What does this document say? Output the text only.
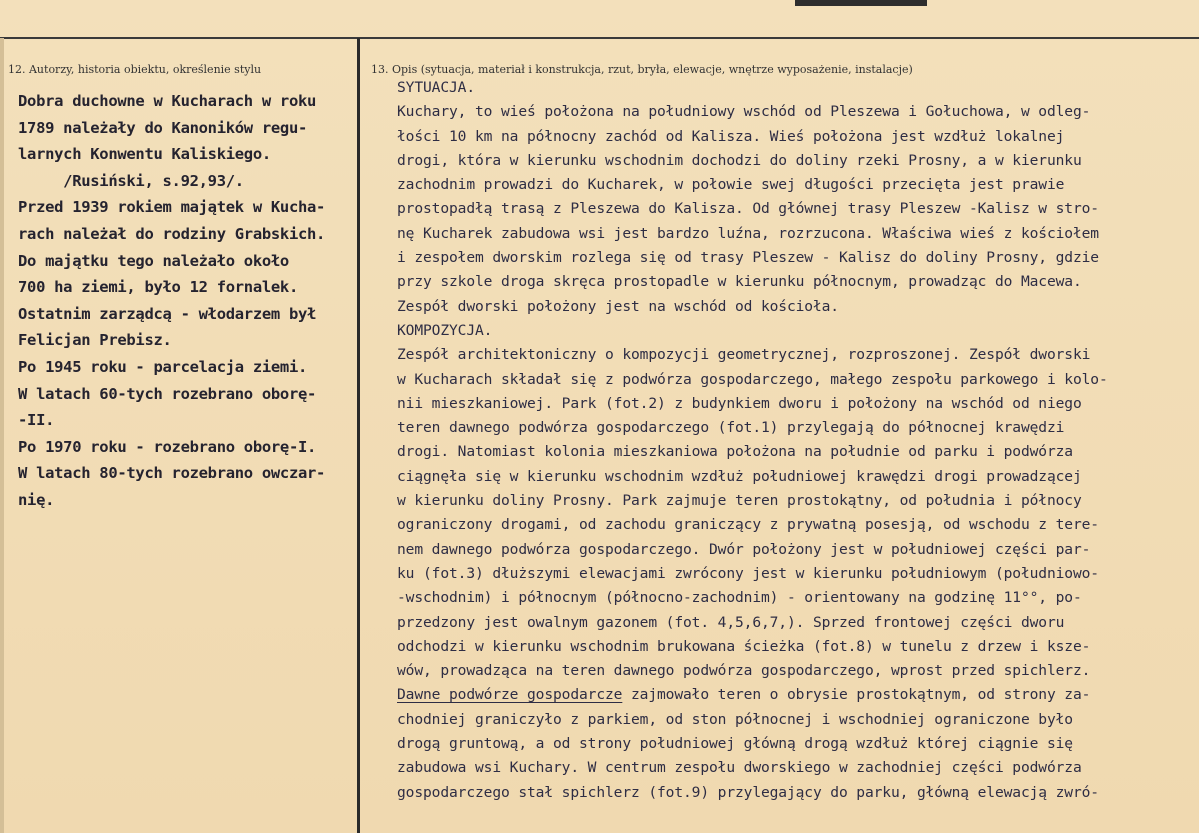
12. Autorzy, historia obiektu, określenie stylu	13. Opis (sytuacja, materiał i konstrukcja, rzut, bryła, elewacje, wnętrze wyposażenie, instalacje)
Dobra duchowne w Kucharach w roku
1789 należały do Kanoników regu-
larnych Konwentu Kaliskiego.
/Rusiński, s.92,93/.
Przed 1939 rokiem majątek w Kucha-
rach należał do rodziny Grabskich.
Do majątku tego należało około
700 ha ziemi, było 12 fornalek.
Ostatnim zarządcą - włodarzem był
Felicjan Prebisz.
Po 1945 roku - parcelacja ziemi.
W latach 60-tych rozebrano oborę-
-II.
Po 1970 roku - rozebrano oborę-I.
W latach 80-tych rozebrano owczar-
nię.
SYTUACJA.
Kuchary, to wieś położona na południowy wschód od Pleszewa i Gołuchowa, w odleg-
łości 10 km na północny zachód od Kalisza. Wieś położona jest wzdłuż lokalnej
drogi, która w kierunku wschodnim dochodzi do doliny rzeki Prosny, a w kierunku
zachodnim prowadzi do Kucharek, w połowie swej długości przecięta jest prawie
prostopadłą trasą z Pleszewa do Kalisza. Od głównej trasy Pleszew -Kalisz w stro-
nę Kucharek zabudowa wsi jest bardzo luźna, rozrzucona. Właściwa wieś z kościołem
i zespołem dworskim rozlega się od trasy Pleszew - Kalisz do doliny Prosny, gdzie
przy szkole droga skręca prostopadle w kierunku północnym, prowadząc do Macewa.
Zespół dworski położony jest na wschód od kościoła.
KOMPOZYCJA.
Zespół architektoniczny o kompozycji geometrycznej, rozproszonej. Zespół dworski
w Kucharach składał się z podwórza gospodarczego, małego zespołu parkowego i kolo-
nii mieszkaniowej. Park (fot.2) z budynkiem dworu i położony na wschód od niego
teren dawnego podwórza gospodarczego (fot.1) przylegają do północnej krawędzi
drogi. Natomiast kolonia mieszkaniowa położona na południe od parku i podwórza
ciągnęła się w kierunku wschodnim wzdłuż południowej krawędzi drogi prowadzącej
w kierunku doliny Prosny. Park zajmuje teren prostokątny, od południa i północy
ograniczony drogami, od zachodu graniczący z prywatną posesją, od wschodu z tere-
nem dawnego podwórza gospodarczego. Dwór położony jest w południowej części par-
ku (fot.3) dłuższymi elewacjami zwrócony jest w kierunku południowym (południowo-
-wschodnim) i północnym (północno-zachodnim) - orientowany na godzinę 11°°, po-
przedzony jest owalnym gazonem (fot. 4,5,6,7,). Sprzed frontowej części dworu
odchodzi w kierunku wschodnim brukowana ścieżka (fot.8) w tunelu z drzew i ksze-
wów, prowadząca na teren dawnego podwórza gospodarczego, wprost przed spichlerz.
Dawne podwórze gospodarcze zajmowało teren o obrysie prostokątnym, od strony za-
chodniej graniczyło z parkiem, od ston północnej i wschodniej ograniczone było
drogą gruntową, a od strony południowej główną drogą wzdłuż której ciągnie się
zabudowa wsi Kuchary. W centrum zespołu dworskiego w zachodniej części podwórza
gospodarczego stał spichlerz (fot.9) przylegający do parku, główną elewacją zwró-
